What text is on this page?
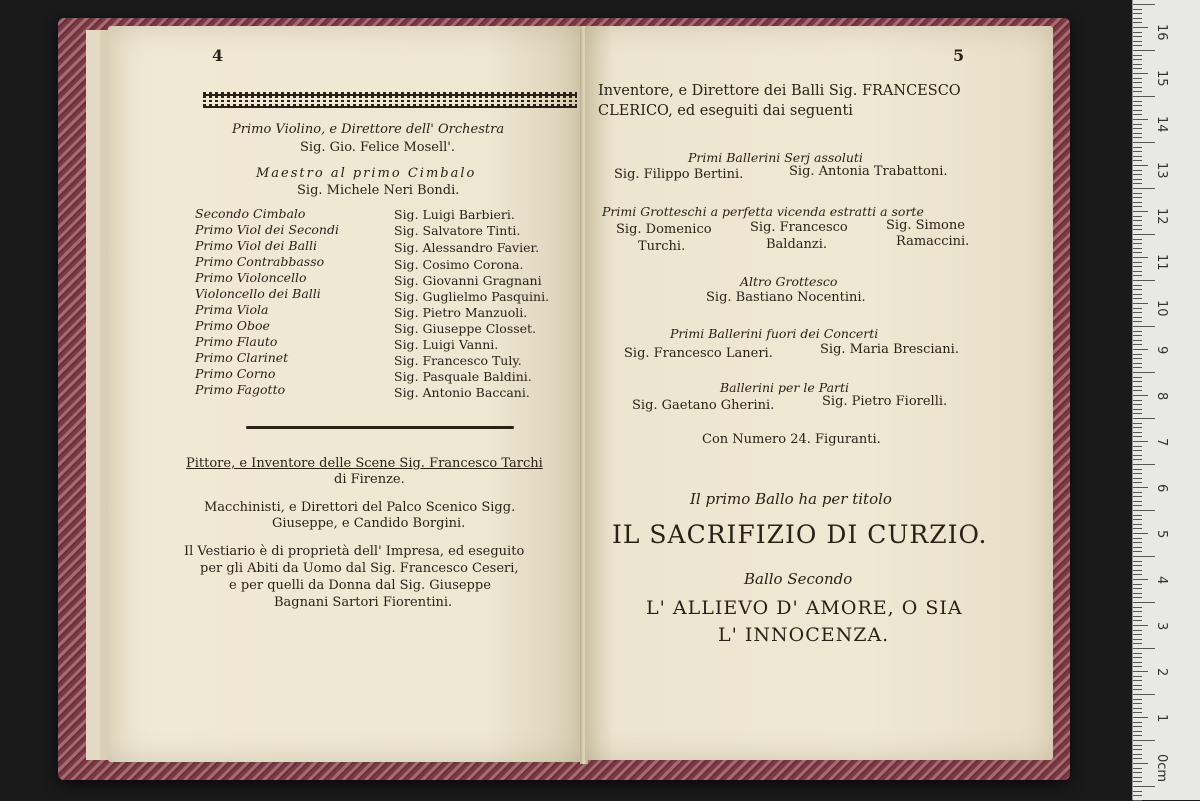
4
Primo Violino, e Direttore dell' Orchestra
Sig. Gio. Felice Mosell'.
Maestro al primo Cimbalo
Sig. Michele Neri Bondi.
Secondo Cimbalo	Sig. Luigi Barbieri.
Primo Viol dei Secondi	Sig. Salvatore Tinti.
Primo Viol dei Balli	Sig. Alessandro Favier.
Primo Contrabbasso	Sig. Cosimo Corona.
Primo Violoncello	Sig. Giovanni Gragnani
Violoncello dei Balli	Sig. Guglielmo Pasquini.
Prima Viola	Sig. Pietro Manzuoli.
Primo Oboe	Sig. Giuseppe Closset.
Primo Flauto	Sig. Luigi Vanni.
Primo Clarinet	Sig. Francesco Tuly.
Primo Corno	Sig. Pasquale Baldini.
Primo Fagotto	Sig. Antonio Baccani.
Pittore, e Inventore delle Scene Sig. Francesco Tarchi
di Firenze.
Macchinisti, e Direttori del Palco Scenico Sigg.
Giuseppe, e Candido Borgini.
Il Vestiario è di proprietà dell' Impresa, ed eseguito
per gli Abiti da Uomo dal Sig. Francesco Ceseri,
e per quelli da Donna dal Sig. Giuseppe
Bagnani Sartori Fiorentini.
5
Inventore, e Direttore dei Balli Sig. FRANCESCO
CLERICO, ed eseguiti dai seguenti
Primi Ballerini Serj assoluti
Sig. Filippo Bertini.	Sig. Antonia Trabattoni.
Primi Grotteschi a perfetta vicenda estratti a sorte
Sig. Domenico	Sig. Francesco	Sig. Simone
Turchi.	Baldanzi.	Ramaccini.
Altro Grottesco
Sig. Bastiano Nocentini.
Primi Ballerini fuori dei Concerti
Sig. Francesco Laneri.	Sig. Maria Bresciani.
Ballerini per le Parti
Sig. Gaetano Gherini.	Sig. Pietro Fiorelli.
Con Numero 24. Figuranti.
Il primo Ballo ha per titolo
IL SACRIFIZIO DI CURZIO.
Ballo Secondo
L' ALLIEVO D' AMORE, O SIA
L' INNOCENZA.
16
15
14
13
12
11
10
9
8
7
6
5
4
3
2
1
0cm
